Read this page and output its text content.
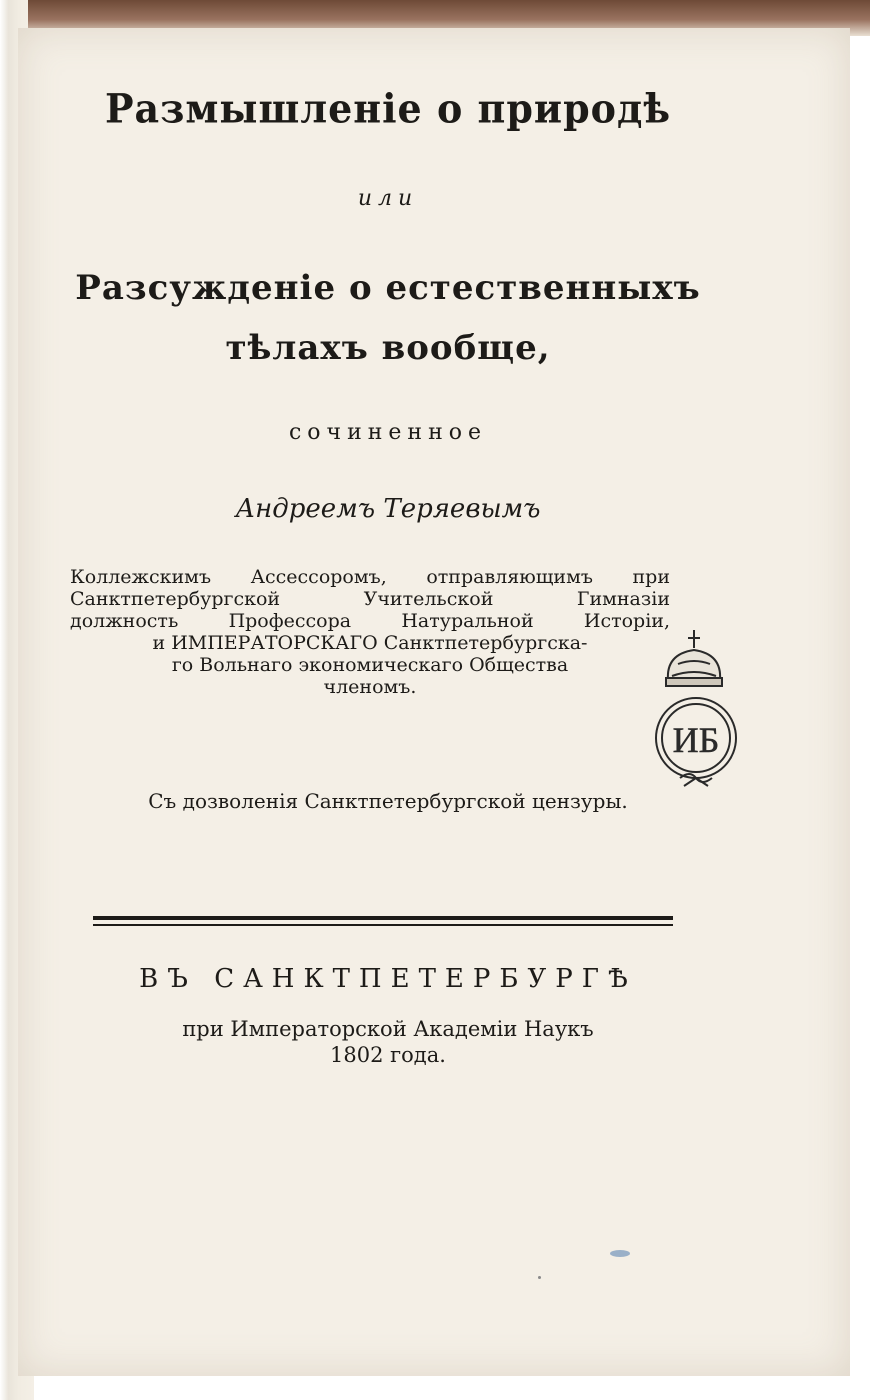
Размышленіе о природѣ
или
Разсужденіе о естественныхъ
тѣлахъ вообще,
сочиненное
Андреемъ Теряевымъ
Коллежскимъ Ассессоромъ, отправляющимъ при
Санктпетербургской Учительской Гимназіи
должность Профессора Натуральной Исторіи,
и ИМПЕРАТОРСКАГО Санктпетербургска-
го Вольнаго экономическаго Общества
членомъ.
Съ дозволенія Санктпетербургской цензуры.
ВЪ САНКТПЕТЕРБУРГѢ
при Императорской Академіи Наукъ
1802 года.
ИБ
